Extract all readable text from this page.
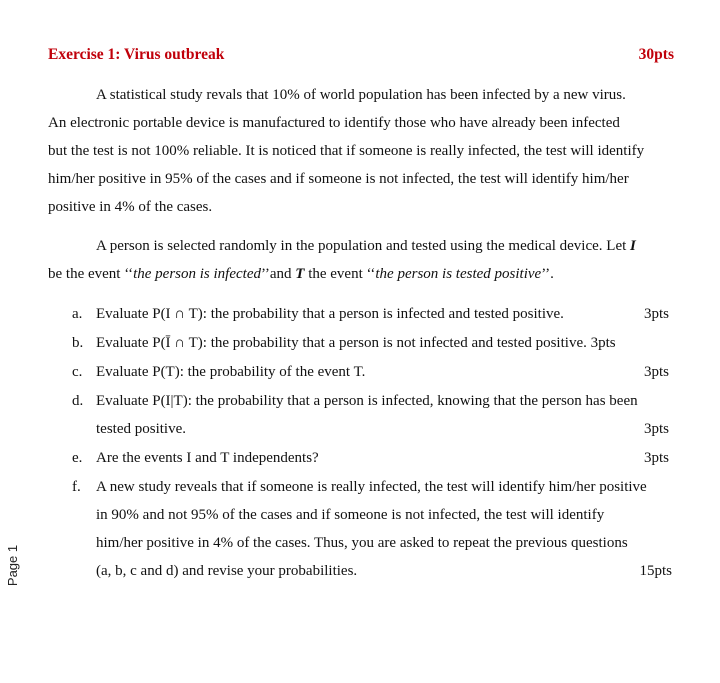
Exercise 1: Virus outbreak	30pts
A statistical study revals that 10% of world population has been infected by a new virus.
An electronic portable device is manufactured to identify those who have already been infected
but the test is not 100% reliable. It is noticed that if someone is really infected, the test will identify
him/her positive in 95% of the cases and if someone is not infected, the test will identify him/her
positive in 4% of the cases.
A person is selected randomly in the population and tested using the medical device. Let I
be the event ‘‘the person is infected’’and T the event ‘‘the person is tested positive’’.
a. Evaluate P(I ∩ T): the probability that a person is infected and tested positive.	3pts
b. Evaluate P(Ī ∩ T): the probability that a person is not infected and tested positive. 3pts
c. Evaluate P(T): the probability of the event T.	3pts
d. Evaluate P(I|T): the probability that a person is infected, knowing that the person has been
tested positive.	3pts
e. Are the events I and T independents?	3pts
f. A new study reveals that if someone is really infected, the test will identify him/her positive
in 90% and not 95% of the cases and if someone is not infected, the test will identify
him/her positive in 4% of the cases. Thus, you are asked to repeat the previous questions
(a, b, c and d) and revise your probabilities.	15pts
Page 1
